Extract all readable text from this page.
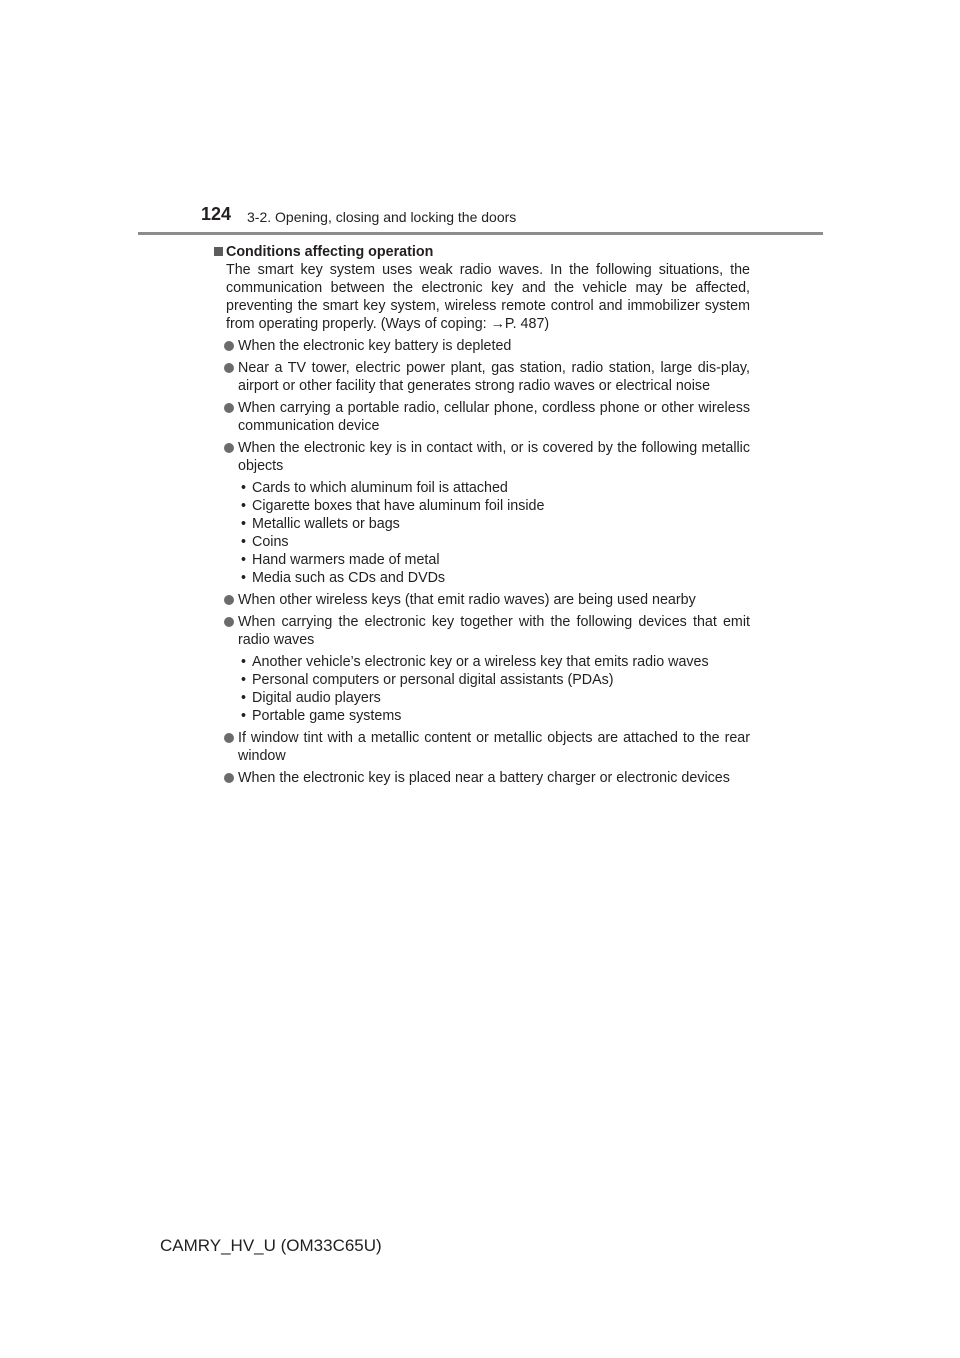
124 3-2. Opening, closing and locking the doors
Conditions affecting operation
The smart key system uses weak radio waves. In the following situations, the communication between the electronic key and the vehicle may be affected, preventing the smart key system, wireless remote control and immobilizer system from operating properly. (Ways of coping: →P. 487)
When the electronic key battery is depleted
Near a TV tower, electric power plant, gas station, radio station, large dis-play, airport or other facility that generates strong radio waves or electrical noise
When carrying a portable radio, cellular phone, cordless phone or other wireless communication device
When the electronic key is in contact with, or is covered by the following metallic objects
• Cards to which aluminum foil is attached
• Cigarette boxes that have aluminum foil inside
• Metallic wallets or bags
• Coins
• Hand warmers made of metal
• Media such as CDs and DVDs
When other wireless keys (that emit radio waves) are being used nearby
When carrying the electronic key together with the following devices that emit radio waves
• Another vehicle’s electronic key or a wireless key that emits radio waves
• Personal computers or personal digital assistants (PDAs)
• Digital audio players
• Portable game systems
If window tint with a metallic content or metallic objects are attached to the rear window
When the electronic key is placed near a battery charger or electronic devices
CAMRY_HV_U (OM33C65U)
